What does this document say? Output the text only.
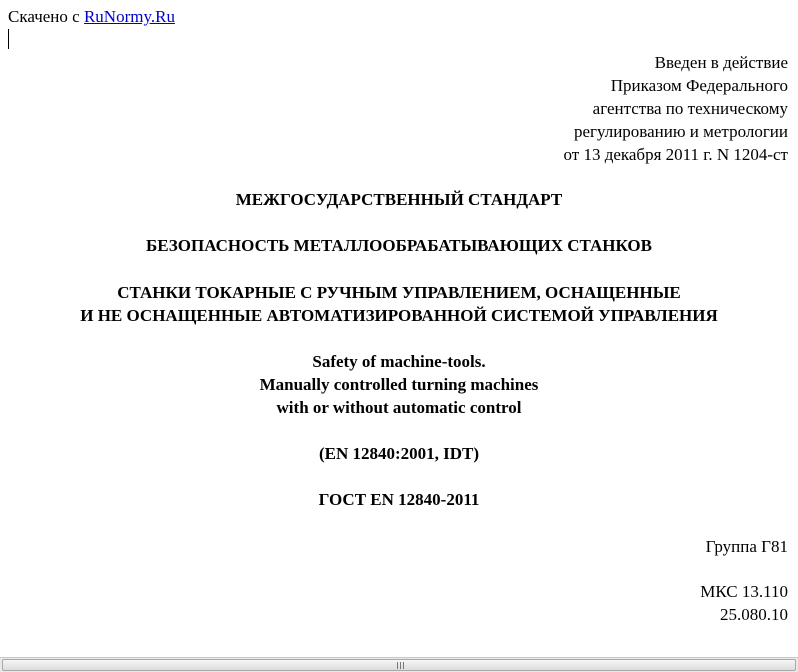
Скачено с RuNormy.Ru
Введен в действие
Приказом Федерального
агентства по техническому
регулированию и метрологии
от 13 декабря 2011 г. N 1204-ст
МЕЖГОСУДАРСТВЕННЫЙ СТАНДАРТ
БЕЗОПАСНОСТЬ МЕТАЛЛООБРАБАТЫВАЮЩИХ СТАНКОВ
СТАНКИ ТОКАРНЫЕ С РУЧНЫМ УПРАВЛЕНИЕМ, ОСНАЩЕННЫЕ
И НЕ ОСНАЩЕННЫЕ АВТОМАТИЗИРОВАННОЙ СИСТЕМОЙ УПРАВЛЕНИЯ
Safety of machine-tools.
Manually controlled turning machines
with or without automatic control
(EN 12840:2001, IDT)
ГОСТ EN 12840-2011
Группа Г81
МКС 13.110
25.080.10
